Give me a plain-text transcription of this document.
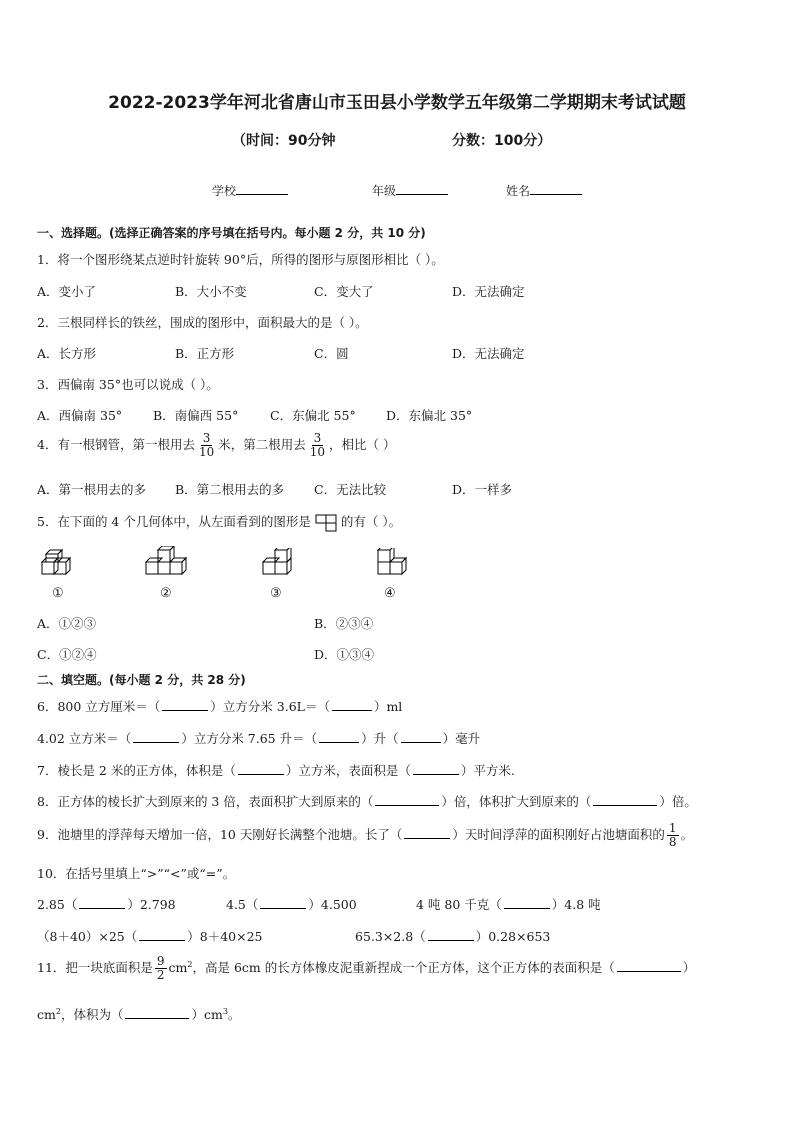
2022-2023学年河北省唐山市玉田县小学数学五年级第二学期期末考试试题
（时间：90分钟	分数：100分）
学校	年级	姓名
一、选择题。(选择正确答案的序号填在括号内。每小题 2 分，共 10 分)
1．将一个图形绕某点逆时针旋转 90°后，所得的图形与原图形相比（ ）。
A．变小了	B．大小不变	C．变大了	D．无法确定
2．三根同样长的铁丝，围成的图形中，面积最大的是（ ）。
A．长方形	B．正方形	C．圆	D．无法确定
3．西偏南 35°也可以说成（ ）。
A．西偏南 35° B．南偏西 55°	C．东偏北 55° D．东偏北 35°
4．有一根钢管，第一根用去 $\frac{3}{10}$ 米，第二根用去 $\frac{3}{10}$ ，相比（ ）
A．第一根用去的多 B．第二根用去的多 C．无法比较	D．一样多
5．在下面的 4 个几何体中，从左面看到的图形是 的有（ ）。
①	②	③	④
A．①②③	B．②③④
C．①②④	D．①③④
二、填空题。(每小题 2 分，共 28 分)
6．800 立方厘米＝（	）立方分米 3.6L＝（	）ml
4.02 立方米＝（	）立方分米 7.65 升＝（	）升（	）毫升
7．棱长是 2 米的正方体，体积是（	）立方米，表面积是（	）平方米.
8．正方体的棱长扩大到原来的 3 倍，表面积扩大到原来的（	）倍，体积扩大到原来的（	）倍。
9．池塘里的浮萍每天增加一倍，10 天刚好长满整个池塘。长了（	）天时间浮萍的面积刚好占池塘面积的 $\frac{1}{8}$ 。
10．在括号里填上“>”“<”或“=”。
2.85（	）2.798	4.5（	）4.500	4 吨 80 千克（	）4.8 吨
（8＋40）×25（	）8＋40×25	65.3×2.8（	）0.28×653
11．把一块底面积是 $\frac{9}{2} cm^2$，高是 6cm 的长方体橡皮泥重新捏成一个正方体，这个正方体的表面积是（	）
$cm^2$，体积为（	）$cm^3$。
